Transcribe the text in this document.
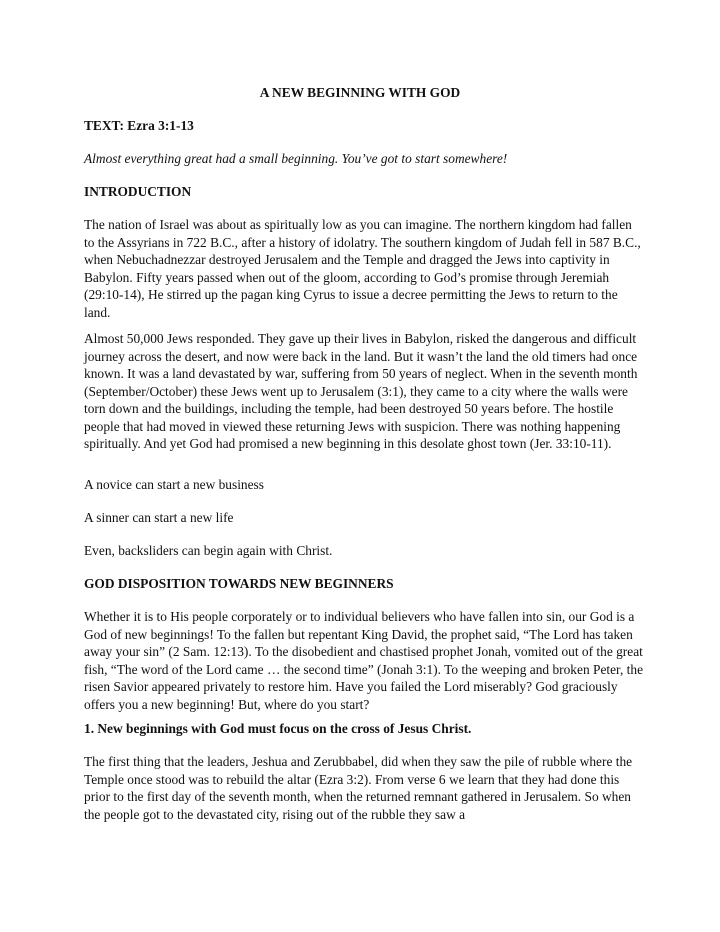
A NEW BEGINNING WITH GOD

TEXT: Ezra 3:1-13

Almost everything great had a small beginning. You’ve got to start somewhere!

INTRODUCTION

The nation of Israel was about as spiritually low as you can imagine. The northern kingdom had fallen to the Assyrians in 722 B.C., after a history of idolatry. The southern kingdom of Judah fell in 587 B.C., when Nebuchadnezzar destroyed Jerusalem and the Temple and dragged the Jews into captivity in Babylon. Fifty years passed when out of the gloom, according to God’s promise through Jeremiah (29:10-14), He stirred up the pagan king Cyrus to issue a decree permitting the Jews to return to the land.

Almost 50,000 Jews responded. They gave up their lives in Babylon, risked the dangerous and difficult journey across the desert, and now were back in the land. But it wasn’t the land the old timers had once known. It was a land devastated by war, suffering from 50 years of neglect. When in the seventh month (September/October) these Jews went up to Jerusalem (3:1), they came to a city where the walls were torn down and the buildings, including the temple, had been destroyed 50 years before. The hostile people that had moved in viewed these returning Jews with suspicion. There was nothing happening spiritually. And yet God had promised a new beginning in this desolate ghost town (Jer. 33:10-11).

A novice can start a new business

A sinner can start a new life

Even, backsliders can begin again with Christ.

GOD DISPOSITION TOWARDS NEW BEGINNERS

Whether it is to His people corporately or to individual believers who have fallen into sin, our God is a God of new beginnings! To the fallen but repentant King David, the prophet said, “The Lord has taken away your sin” (2 Sam. 12:13). To the disobedient and chastised prophet Jonah, vomited out of the great fish, “The word of the Lord came … the second time” (Jonah 3:1). To the weeping and broken Peter, the risen Savior appeared privately to restore him. Have you failed the Lord miserably? God graciously offers you a new beginning! But, where do you start?

1. New beginnings with God must focus on the cross of Jesus Christ.

The first thing that the leaders, Jeshua and Zerubbabel, did when they saw the pile of rubble where the Temple once stood was to rebuild the altar (Ezra 3:2). From verse 6 we learn that they had done this prior to the first day of the seventh month, when the returned remnant gathered in Jerusalem. So when the people got to the devastated city, rising out of the rubble they saw a
